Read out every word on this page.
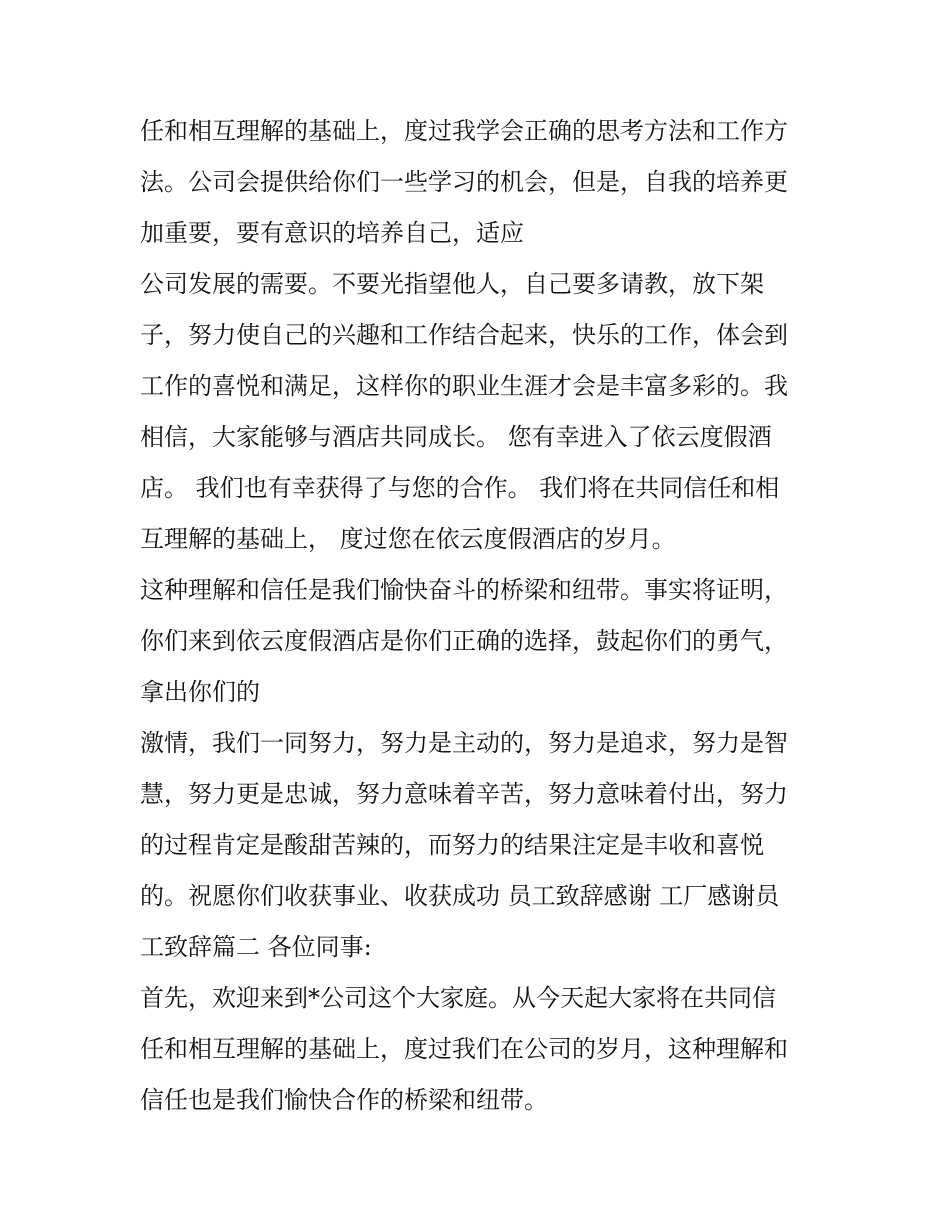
任和相互理解的基础上，度过我学会正确的思考方法和工作方
法。公司会提供给你们一些学习的机会，但是，自我的培养更
加重要，要有意识的培养自己，适应
公司发展的需要。不要光指望他人，自己要多请教，放下架
子，努力使自己的兴趣和工作结合起来，快乐的工作，体会到
工作的喜悦和满足，这样你的职业生涯才会是丰富多彩的。我
相信，大家能够与酒店共同成长。 您有幸进入了依云度假酒
店。 我们也有幸获得了与您的合作。 我们将在共同信任和相
互理解的基础上， 度过您在依云度假酒店的岁月。
这种理解和信任是我们愉快奋斗的桥梁和纽带。事实将证明，
你们来到依云度假酒店是你们正确的选择，鼓起你们的勇气，
拿出你们的
激情，我们一同努力，努力是主动的，努力是追求，努力是智
慧，努力更是忠诚，努力意味着辛苦，努力意味着付出，努力
的过程肯定是酸甜苦辣的，而努力的结果注定是丰收和喜悦
的。祝愿你们收获事业、收获成功 员工致辞感谢 工厂感谢员
工致辞篇二 各位同事:
首先，欢迎来到*公司这个大家庭。从今天起大家将在共同信
任和相互理解的基础上，度过我们在公司的岁月，这种理解和
信任也是我们愉快合作的桥梁和纽带。
